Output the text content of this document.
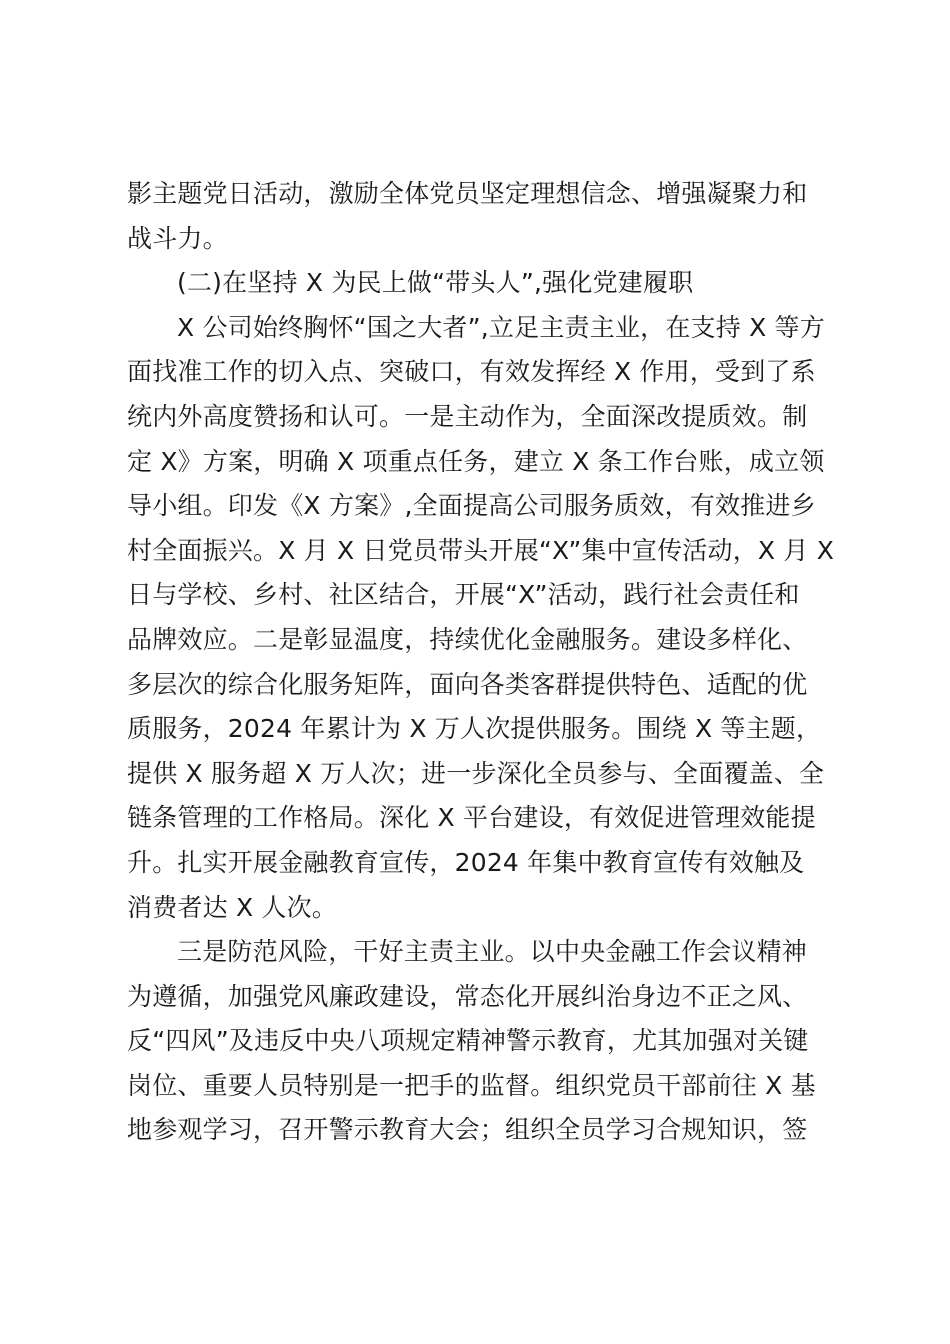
影主题党日活动，激励全体党员坚定理想信念、增强凝聚力和
战斗力。
(二)在坚持 X 为民上做“带头人”,强化党建履职
X 公司始终胸怀“国之大者”,立足主责主业，在支持 X 等方
面找准工作的切入点、突破口，有效发挥经 X 作用，受到了系
统内外高度赞扬和认可。一是主动作为，全面深改提质效。制
定 X》方案，明确 X 项重点任务，建立 X 条工作台账，成立领
导小组。印发《X 方案》,全面提高公司服务质效，有效推进乡
村全面振兴。X 月 X 日党员带头开展“X”集中宣传活动，X 月 X
日与学校、乡村、社区结合，开展“X”活动，践行社会责任和
品牌效应。二是彰显温度，持续优化金融服务。建设多样化、
多层次的综合化服务矩阵，面向各类客群提供特色、适配的优
质服务，2024 年累计为 X 万人次提供服务。围绕 X 等主题，
提供 X 服务超 X 万人次；进一步深化全员参与、全面覆盖、全
链条管理的工作格局。深化 X 平台建设，有效促进管理效能提
升。扎实开展金融教育宣传，2024 年集中教育宣传有效触及
消费者达 X 人次。
三是防范风险，干好主责主业。以中央金融工作会议精神
为遵循，加强党风廉政建设，常态化开展纠治身边不正之风、
反“四风”及违反中央八项规定精神警示教育，尤其加强对关键
岗位、重要人员特别是一把手的监督。组织党员干部前往 X 基
地参观学习，召开警示教育大会；组织全员学习合规知识，签
